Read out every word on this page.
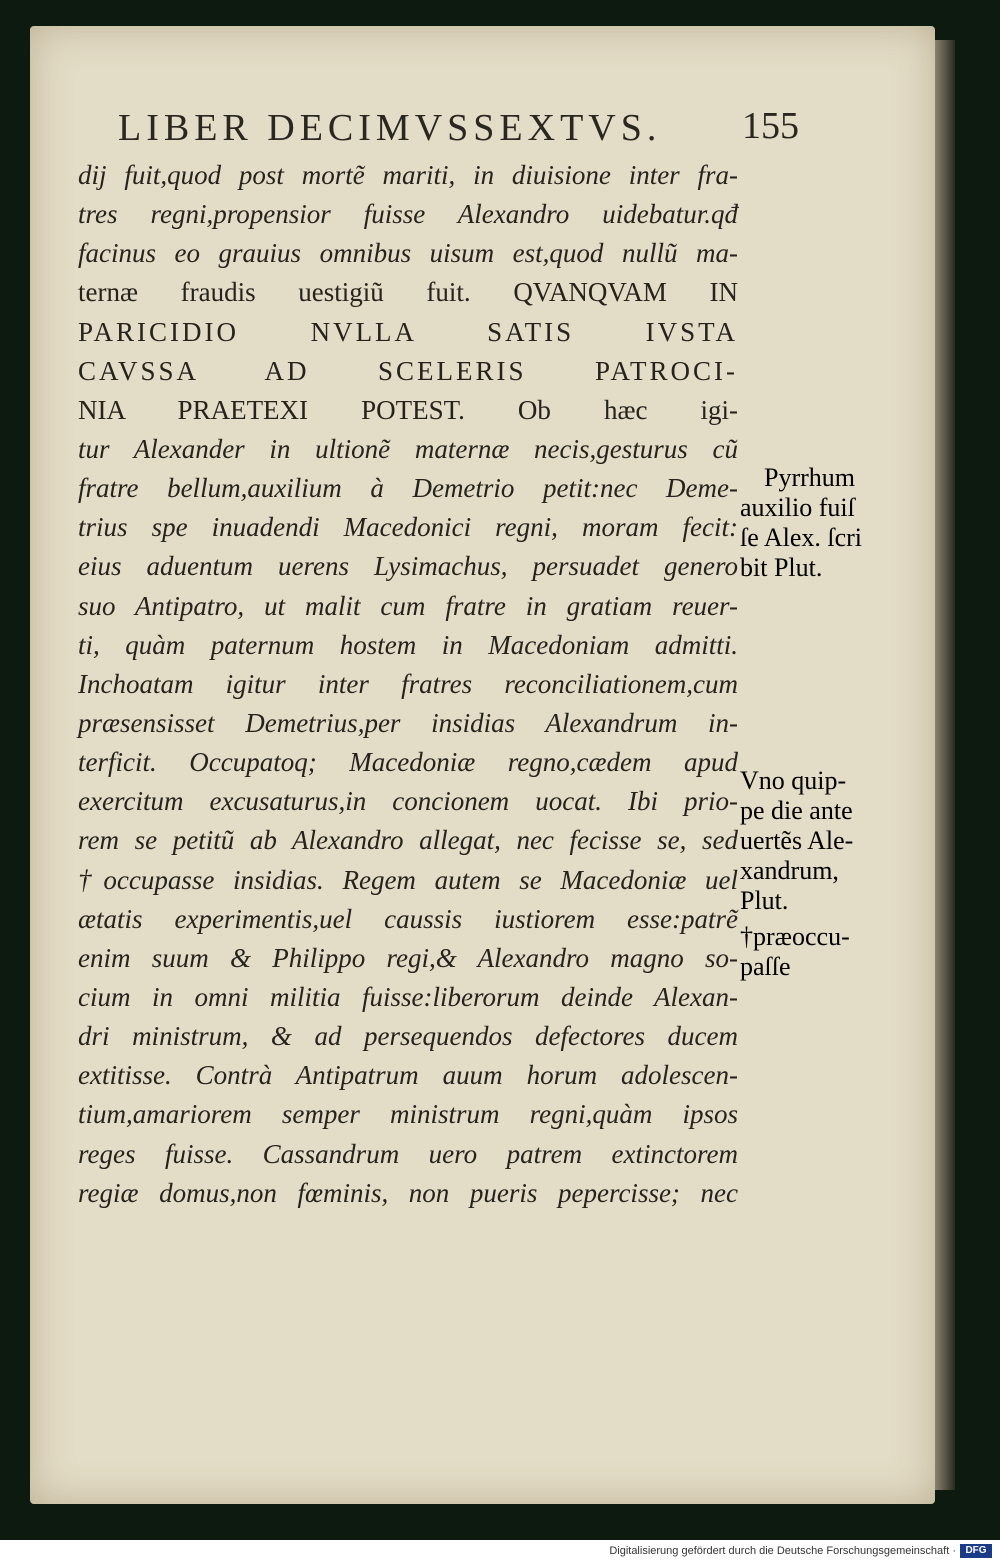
LIBER DECIMVSSEXTVS.	155
dij fuit,quod post mortẽ mariti, in diuisione inter fra-
tres regni,propensior fuisse Alexandro uidebatur.qđ
facinus eo grauius omnibus uisum est,quod nullũ ma-
ternæ fraudis uestigiũ fuit. QVANQVAM IN
PARICIDIO NVLLA SATIS IVSTA
CAVSSA AD SCELERIS PATROCI-
NIA PRAETEXI POTEST. Ob hæc igi-
tur Alexander in ultionẽ maternæ necis,gesturus cũ
fratre bellum,auxilium à Demetrio petit:nec Deme-
trius spe inuadendi Macedonici regni, moram fecit:
eius aduentum uerens Lysimachus, persuadet genero
suo Antipatro, ut malit cum fratre in gratiam reuer-
ti, quàm paternum hostem in Macedoniam admitti.
Inchoatam igitur inter fratres reconciliationem,cum
præsensisset Demetrius,per insidias Alexandrum in-
terficit. Occupatoq; Macedoniæ regno,cædem apud
exercitum excusaturus,in concionem uocat. Ibi prio-
rem se petitũ ab Alexandro allegat, nec fecisse se, sed
†occupasse insidias. Regem autem se Macedoniæ uel
ætatis experimentis,uel caussis iustiorem esse:patrẽ
enim suum & Philippo regi,& Alexandro magno so-
cium in omni militia fuisse:liberorum deinde Alexan-
dri ministrum, & ad persequendos defectores ducem
extitisse. Contrà Antipatrum auum horum adolescen-
tium,amariorem semper ministrum regni,quàm ipsos
reges fuisse. Cassandrum uero patrem extinctorem
regiæ domus,non fœminis, non pueris pepercisse; nec
Pyrrhum
auxilio fuiſ
ſe Alex. ſcri
bit Plut.
Vno quip-
pe die ante
uertẽs Ale-
xandrum,
Plut.
†præoccu-
paſſe
Digitalisierung gefördert durch die Deutsche Forschungsgemeinschaft · DFG
